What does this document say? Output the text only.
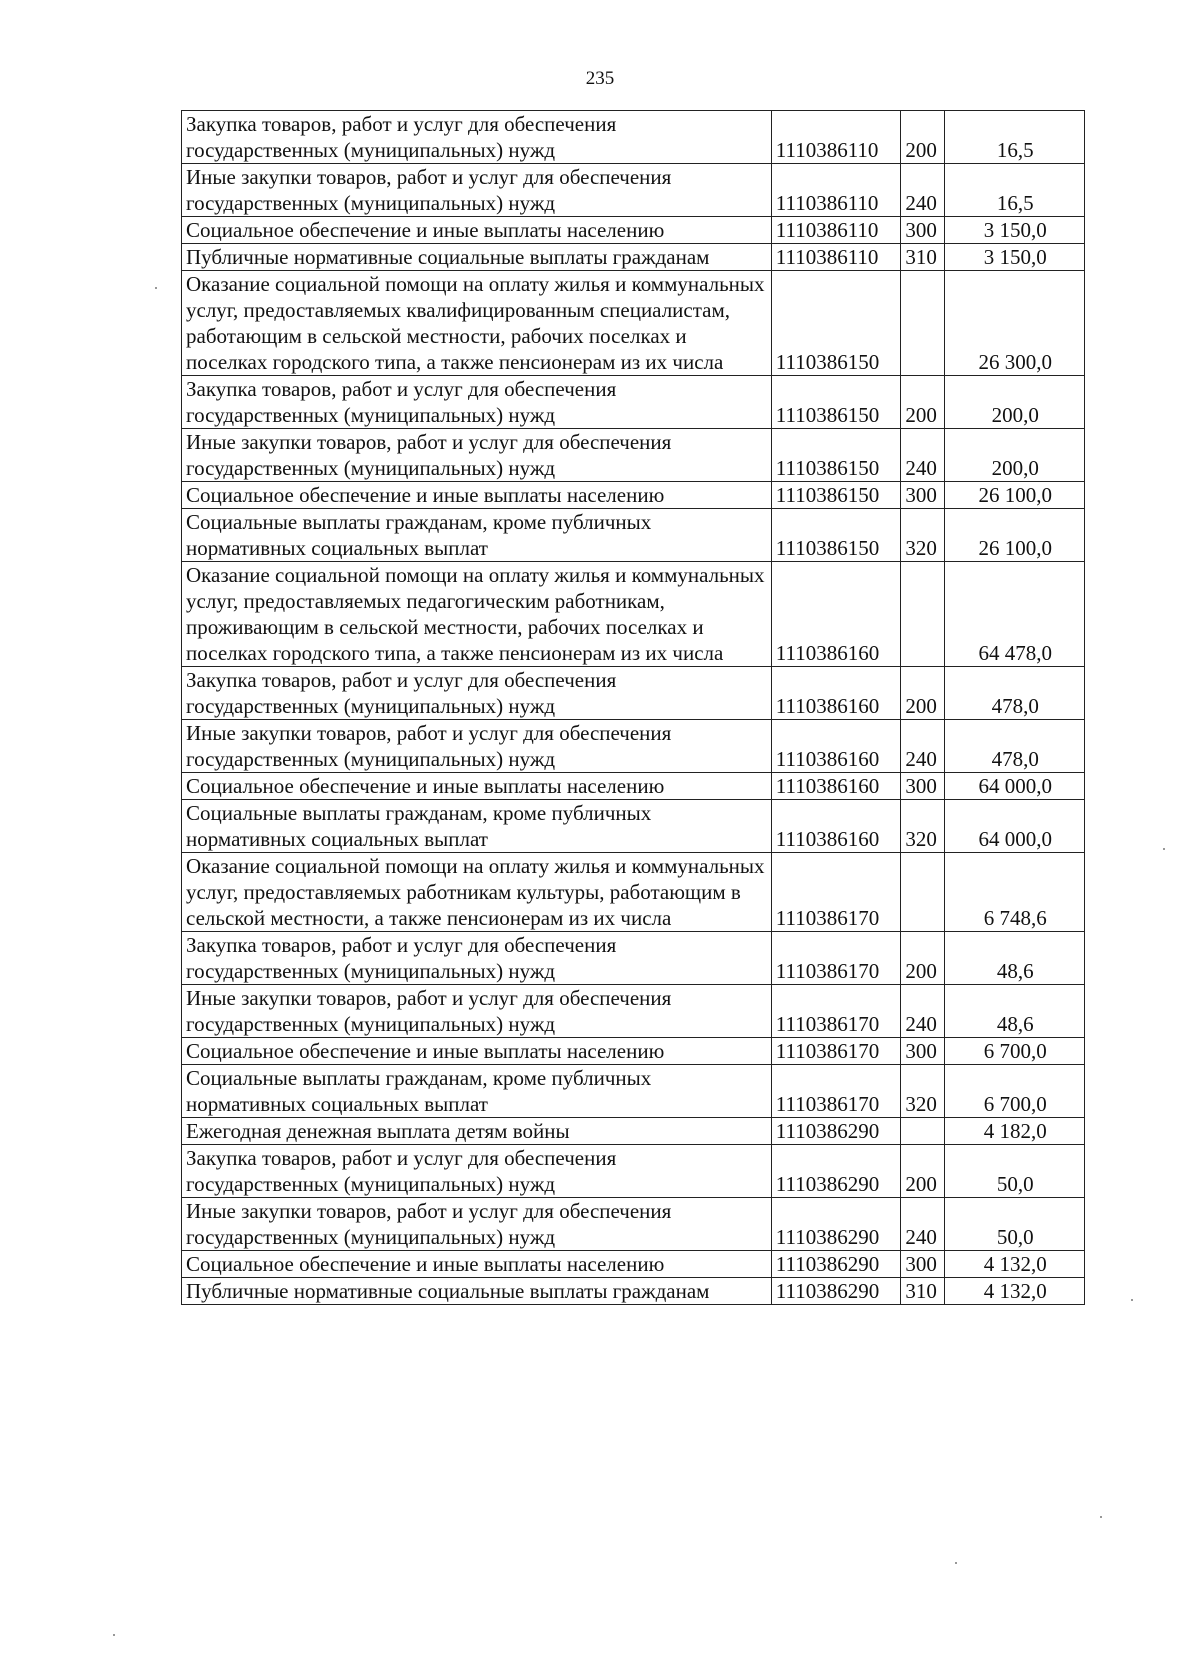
235
Закупка товаров, работ и услуг для обеспечения государственных (муниципальных) нужд	1110386110	200	16,5
Иные закупки товаров, работ и услуг для обеспечения государственных (муниципальных) нужд	1110386110	240	16,5
Социальное обеспечение и иные выплаты населению	1110386110	300	3 150,0
Публичные нормативные социальные выплаты гражданам	1110386110	310	3 150,0
Оказание социальной помощи на оплату жилья и коммунальных услуг, предоставляемых квалифицированным специалистам, работающим в сельской местности, рабочих поселках и поселках городского типа, а также пенсионерам из их числа	1110386150		26 300,0
Закупка товаров, работ и услуг для обеспечения государственных (муниципальных) нужд	1110386150	200	200,0
Иные закупки товаров, работ и услуг для обеспечения государственных (муниципальных) нужд	1110386150	240	200,0
Социальное обеспечение и иные выплаты населению	1110386150	300	26 100,0
Социальные выплаты гражданам, кроме публичных нормативных социальных выплат	1110386150	320	26 100,0
Оказание социальной помощи на оплату жилья и коммунальных услуг, предоставляемых педагогическим работникам, проживающим в сельской местности, рабочих поселках и поселках городского типа, а также пенсионерам из их числа	1110386160		64 478,0
Закупка товаров, работ и услуг для обеспечения государственных (муниципальных) нужд	1110386160	200	478,0
Иные закупки товаров, работ и услуг для обеспечения государственных (муниципальных) нужд	1110386160	240	478,0
Социальное обеспечение и иные выплаты населению	1110386160	300	64 000,0
Социальные выплаты гражданам, кроме публичных нормативных социальных выплат	1110386160	320	64 000,0
Оказание социальной помощи на оплату жилья и коммунальных услуг, предоставляемых работникам культуры, работающим в сельской местности, а также пенсионерам из их числа	1110386170		6 748,6
Закупка товаров, работ и услуг для обеспечения государственных (муниципальных) нужд	1110386170	200	48,6
Иные закупки товаров, работ и услуг для обеспечения государственных (муниципальных) нужд	1110386170	240	48,6
Социальное обеспечение и иные выплаты населению	1110386170	300	6 700,0
Социальные выплаты гражданам, кроме публичных нормативных социальных выплат	1110386170	320	6 700,0
Ежегодная денежная выплата детям войны	1110386290		4 182,0
Закупка товаров, работ и услуг для обеспечения государственных (муниципальных) нужд	1110386290	200	50,0
Иные закупки товаров, работ и услуг для обеспечения государственных (муниципальных) нужд	1110386290	240	50,0
Социальное обеспечение и иные выплаты населению	1110386290	300	4 132,0
Публичные нормативные социальные выплаты гражданам	1110386290	310	4 132,0
